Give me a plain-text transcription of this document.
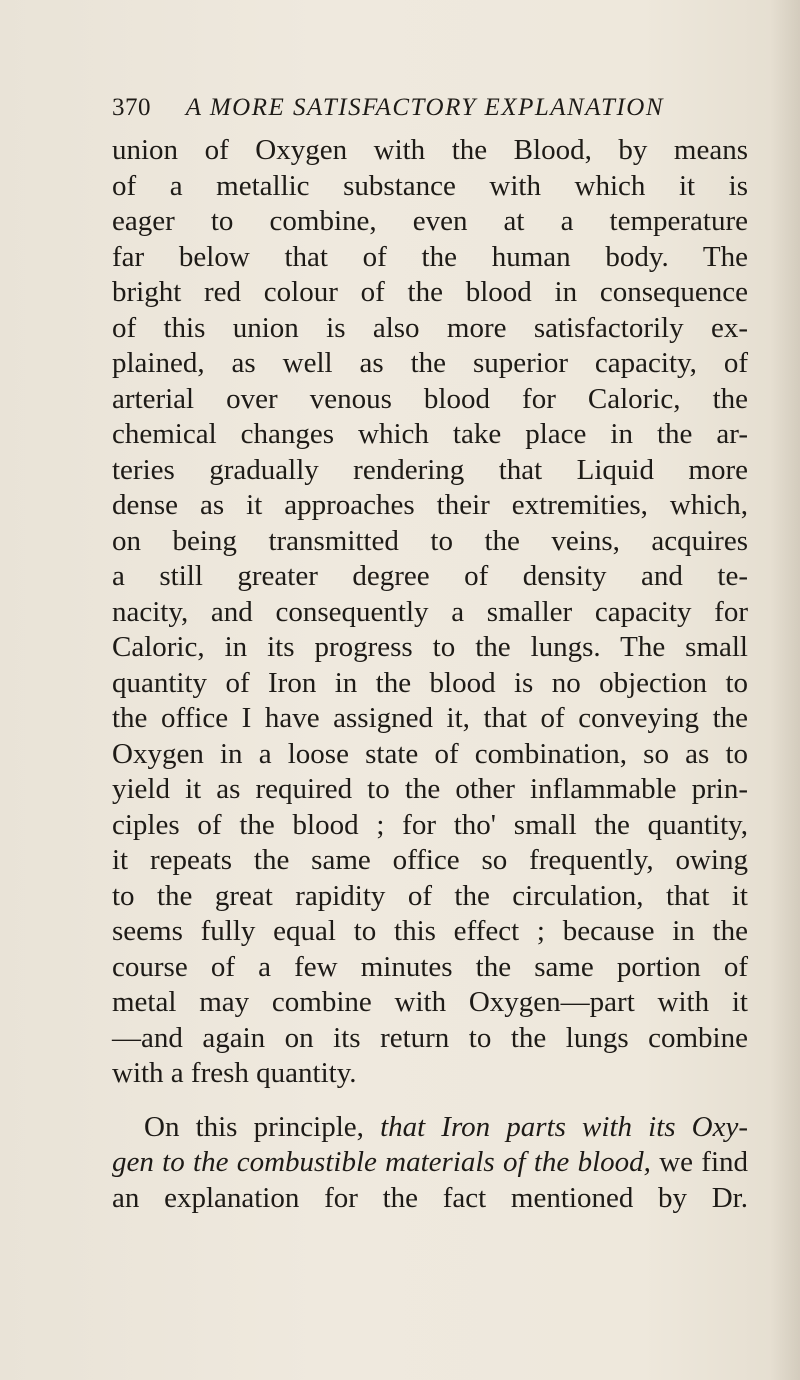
370 A MORE SATISFACTORY EXPLANATION
union of Oxygen with the Blood, by means
of a metallic substance with which it is
eager to combine, even at a temperature
far below that of the human body. The
bright red colour of the blood in consequence
of this union is also more satisfactorily ex-
plained, as well as the superior capacity, of
arterial over venous blood for Caloric, the
chemical changes which take place in the ar-
teries gradually rendering that Liquid more
dense as it approaches their extremities, which,
on being transmitted to the veins, acquires
a still greater degree of density and te-
nacity, and consequently a smaller capacity for
Caloric, in its progress to the lungs. The small
quantity of Iron in the blood is no objection to
the office I have assigned it, that of conveying the
Oxygen in a loose state of combination, so as to
yield it as required to the other inflammable prin-
ciples of the blood ; for tho' small the quantity,
it repeats the same office so frequently, owing
to the great rapidity of the circulation, that it
seems fully equal to this effect ; because in the
course of a few minutes the same portion of
metal may combine with Oxygen—part with it
—and again on its return to the lungs combine
with a fresh quantity.
On this principle, that Iron parts with its Oxy-
gen to the combustible materials of the blood, we find
an explanation for the fact mentioned by Dr.
